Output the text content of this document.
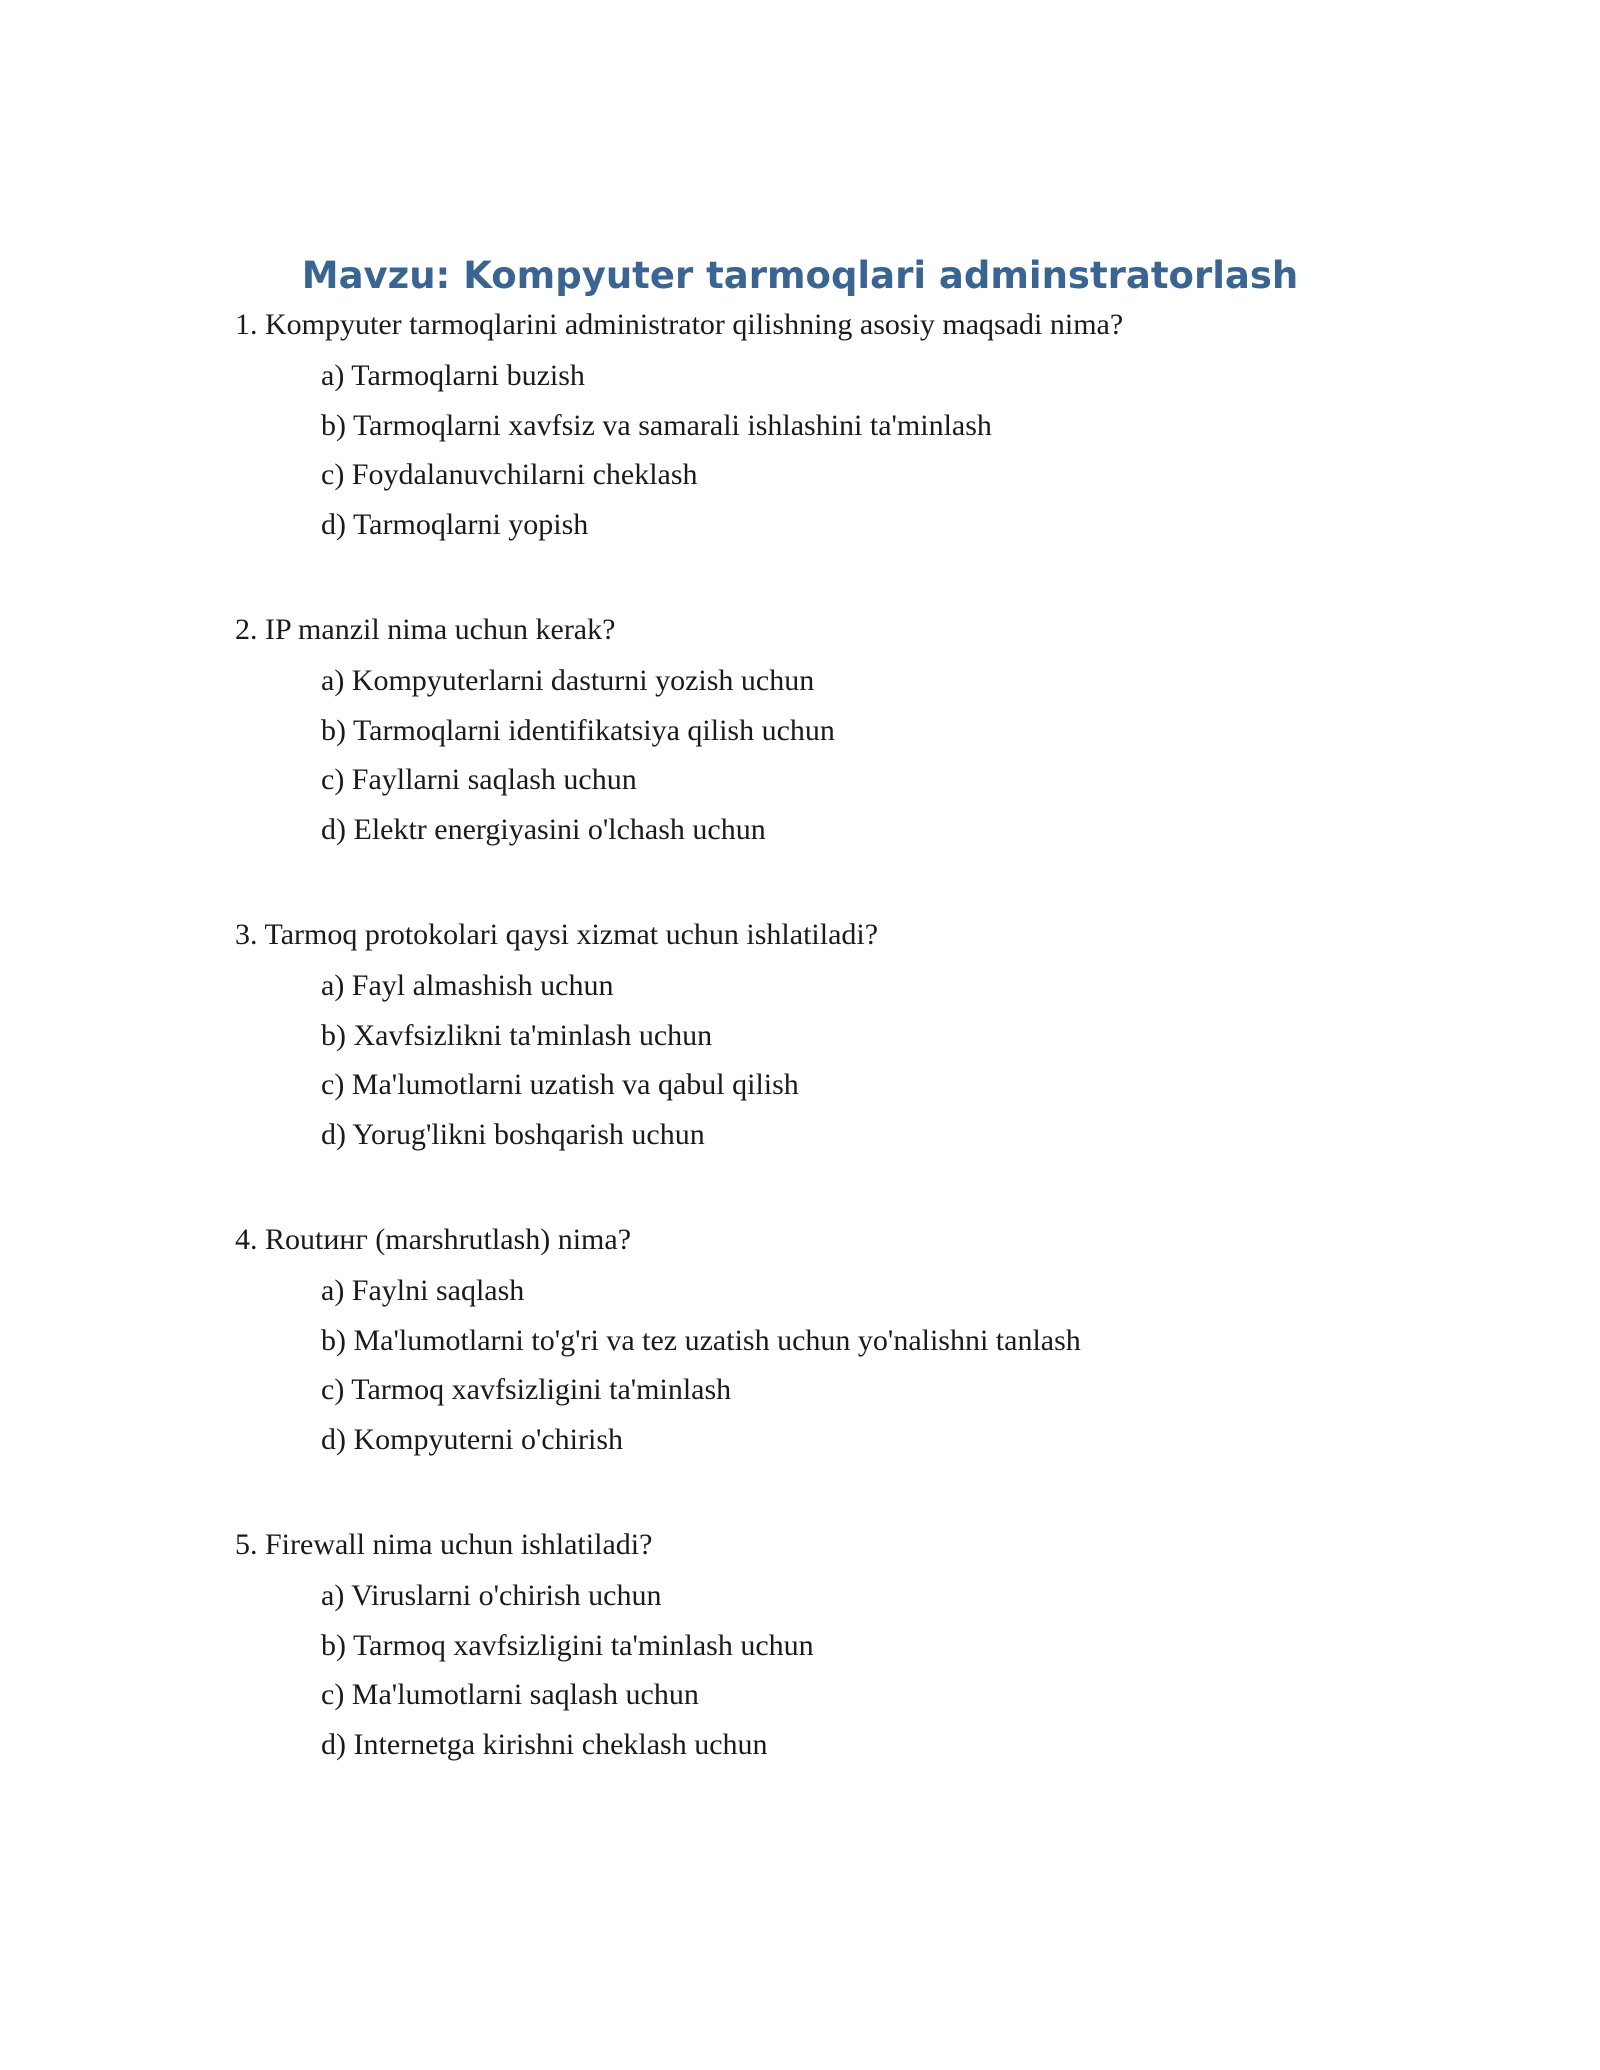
Mavzu: Kompyuter tarmoqlari adminstratorlash
1. Kompyuter tarmoqlarini administrator qilishning asosiy maqsadi nima?
a) Tarmoqlarni buzish
b) Tarmoqlarni xavfsiz va samarali ishlashini ta'minlash
c) Foydalanuvchilarni cheklash
d) Tarmoqlarni yopish
2. IP manzil nima uchun kerak?
a) Kompyuterlarni dasturni yozish uchun
b) Tarmoqlarni identifikatsiya qilish uchun
c) Fayllarni saqlash uchun
d) Elektr energiyasini o'lchash uchun
3. Tarmoq protokolari qaysi xizmat uchun ishlatiladi?
a) Fayl almashish uchun
b) Xavfsizlikni ta'minlash uchun
c) Ma'lumotlarni uzatish va qabul qilish
d) Yorug'likni boshqarish uchun
4. Routинг (marshrutlash) nima?
a) Faylni saqlash
b) Ma'lumotlarni to'g'ri va tez uzatish uchun yo'nalishni tanlash
c) Tarmoq xavfsizligini ta'minlash
d) Kompyuterni o'chirish
5. Firewall nima uchun ishlatiladi?
a) Viruslarni o'chirish uchun
b) Tarmoq xavfsizligini ta'minlash uchun
c) Ma'lumotlarni saqlash uchun
d) Internetga kirishni cheklash uchun
